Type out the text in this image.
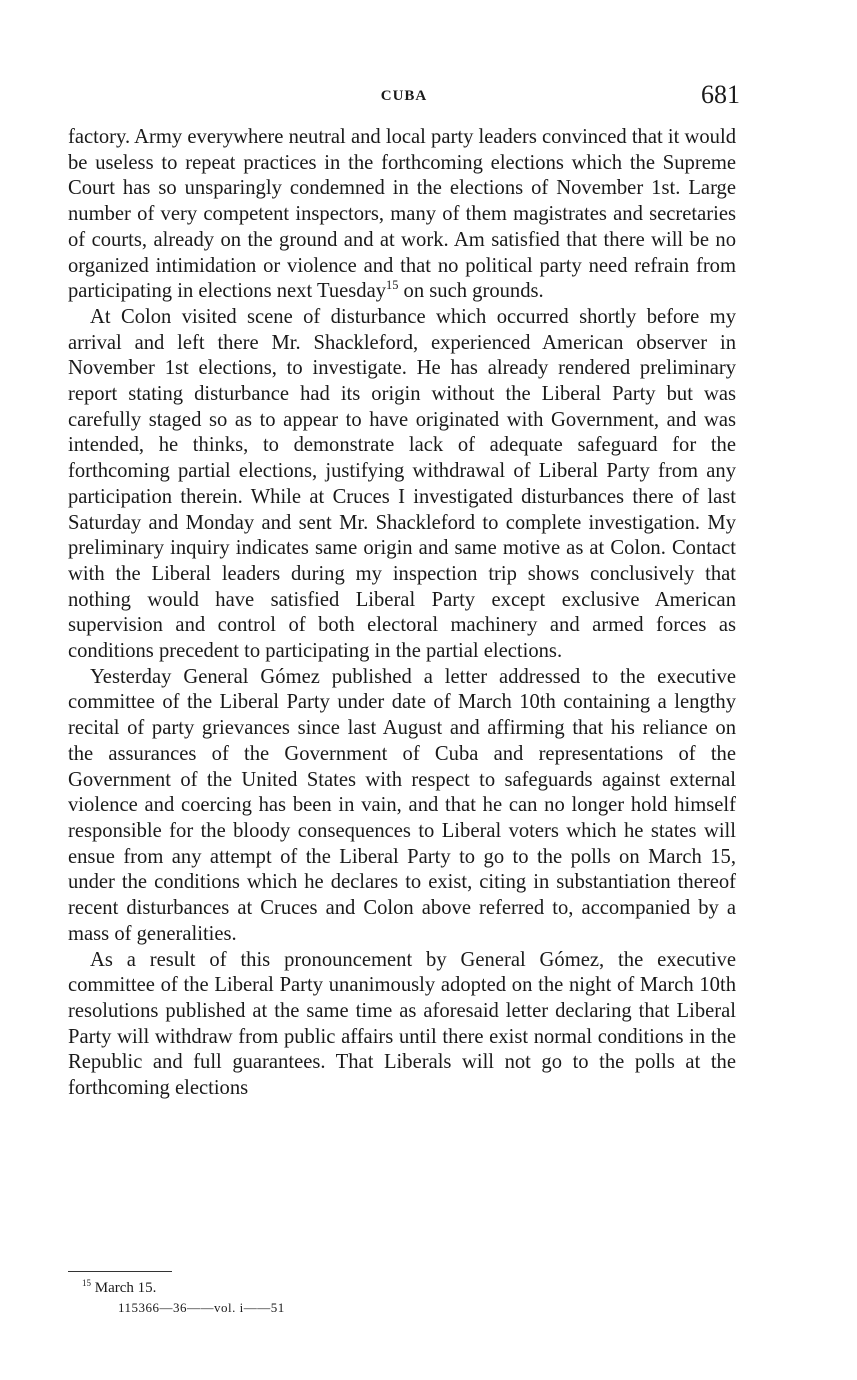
CUBA	681

factory. Army everywhere neutral and local party leaders convinced that it would be useless to repeat practices in the forthcoming elections which the Supreme Court has so unsparingly condemned in the elections of November 1st. Large number of very competent inspectors, many of them magistrates and secretaries of courts, already on the ground and at work. Am satisfied that there will be no organized intimidation or violence and that no political party need refrain from participating in elections next Tuesday$^{15}$ on such grounds.

At Colon visited scene of disturbance which occurred shortly before my arrival and left there Mr. Shackleford, experienced American observer in November 1st elections, to investigate. He has already rendered preliminary report stating disturbance had its origin without the Liberal Party but was carefully staged so as to appear to have originated with Government, and was intended, he thinks, to demonstrate lack of adequate safeguard for the forthcoming partial elections, justifying withdrawal of Liberal Party from any participation therein. While at Cruces I investigated disturbances there of last Saturday and Monday and sent Mr. Shackleford to complete investigation. My preliminary inquiry indicates same origin and same motive as at Colon. Contact with the Liberal leaders during my inspection trip shows conclusively that nothing would have satisfied Liberal Party except exclusive American supervision and control of both electoral machinery and armed forces as conditions precedent to participating in the partial elections.

Yesterday General Gómez published a letter addressed to the executive committee of the Liberal Party under date of March 10th containing a lengthy recital of party grievances since last August and affirming that his reliance on the assurances of the Government of Cuba and representations of the Government of the United States with respect to safeguards against external violence and coercing has been in vain, and that he can no longer hold himself responsible for the bloody consequences to Liberal voters which he states will ensue from any attempt of the Liberal Party to go to the polls on March 15, under the conditions which he declares to exist, citing in substantiation thereof recent disturbances at Cruces and Colon above referred to, accompanied by a mass of generalities.

As a result of this pronouncement by General Gómez, the executive committee of the Liberal Party unanimously adopted on the night of March 10th resolutions published at the same time as aforesaid letter declaring that Liberal Party will withdraw from public affairs until there exist normal conditions in the Republic and full guarantees. That Liberals will not go to the polls at the forthcoming elections

$^{15}$ March 15.
115366—36——vol. i——51
